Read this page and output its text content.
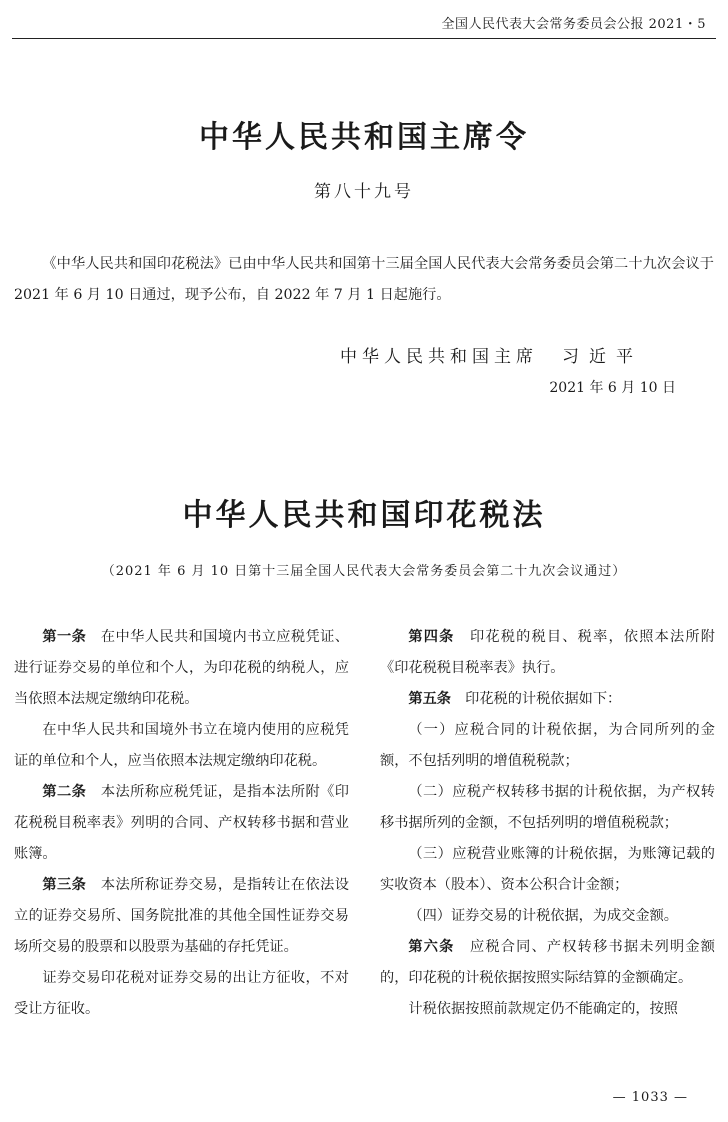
全国人民代表大会常务委员会公报 2021・5
中华人民共和国主席令
第八十九号
《中华人民共和国印花税法》已由中华人民共和国第十三届全国人民代表大会常务委员会第二十九次会议于 2021 年 6 月 10 日通过，现予公布，自 2022 年 7 月 1 日起施行。
中华人民共和国主席 习近平
2021 年 6 月 10 日
中华人民共和国印花税法
（2021 年 6 月 10 日第十三届全国人民代表大会常务委员会第二十九次会议通过）

第一条  在中华人民共和国境内书立应税凭证、进行证券交易的单位和个人，为印花税的纳税人，应当依照本法规定缴纳印花税。

在中华人民共和国境外书立在境内使用的应税凭证的单位和个人，应当依照本法规定缴纳印花税。

第二条  本法所称应税凭证，是指本法所附《印花税税目税率表》列明的合同、产权转移书据和营业账簿。

第三条  本法所称证券交易，是指转让在依法设立的证券交易所、国务院批准的其他全国性证券交易场所交易的股票和以股票为基础的存托凭证。

证券交易印花税对证券交易的出让方征收，不对受让方征收。

第四条  印花税的税目、税率，依照本法所附《印花税税目税率表》执行。

第五条  印花税的计税依据如下：

（一）应税合同的计税依据，为合同所列的金额，不包括列明的增值税税款；

（二）应税产权转移书据的计税依据，为产权转移书据所列的金额，不包括列明的增值税税款；

（三）应税营业账簿的计税依据，为账簿记载的实收资本（股本）、资本公积合计金额；

（四）证券交易的计税依据，为成交金额。

第六条  应税合同、产权转移书据未列明金额的，印花税的计税依据按照实际结算的金额确定。

计税依据按照前款规定仍不能确定的，按照

— 1033 —
